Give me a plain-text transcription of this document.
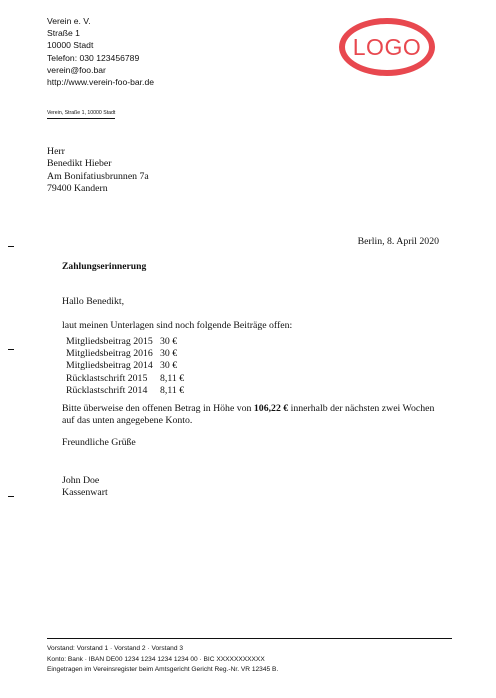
Verein e. V.
Straße 1
10000 Stadt
Telefon: 030 123456789
verein@foo.bar
http://www.verein-foo-bar.de
LOGO
Verein, Straße 1, 10000 Stadt
Herr
Benedikt Hieber
Am Bonifatiusbrunnen 7a
79400 Kandern
Berlin, 8. April 2020
Zahlungserinnerung
Hallo Benedikt,
laut meinen Unterlagen sind noch folgende Beiträge offen:
Mitgliedsbeitrag 2015	30 €
Mitgliedsbeitrag 2016	30 €
Mitgliedsbeitrag 2014	30 €
Rücklastschrift 2015	8,11 €
Rücklastschrift 2014	8,11 €
Bitte überweise den offenen Betrag in Höhe von 106,22 € innerhalb der nächsten zwei Wochen auf das unten angegebene Konto.
Freundliche Grüße
John Doe
Kassenwart
Vorstand: Vorstand 1 · Vorstand 2 · Vorstand 3
Konto: Bank · IBAN DE00 1234 1234 1234 1234 00 · BIC XXXXXXXXXXX
Eingetragen im Vereinsregister beim Amtsgericht Gericht Reg.-Nr. VR 12345 B.
